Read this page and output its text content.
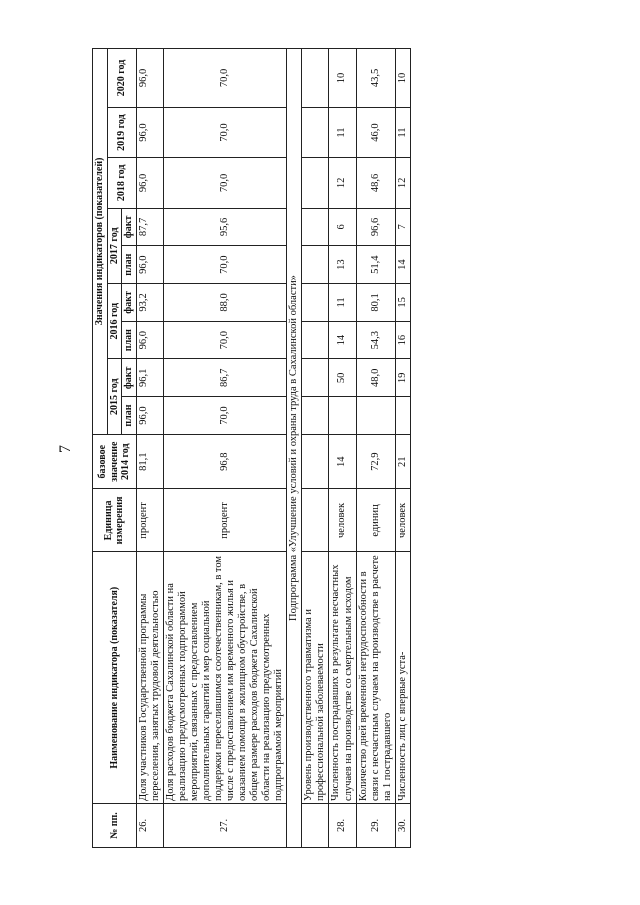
7
№ пп.	Наименование индикатора (показателя)	Единица измерения	базовое значение 2014 год	Значения индикаторов (показателей)								
				2015 год		2016 год		2017 год		2018 год	2019 год	2020 год
				план	факт	план	факт	план	факт			
26.	Доля участников Государственной программы переселения, занятых трудовой деятельностью	процент	81,1	96,0	96,1	96,0	93,2	96,0	87,7	96,0	96,0	96,0
27.	Доля расходов бюджета Сахалинской области на реализацию предусмотренных подпрограммой мероприятий, связанных с предоставлением дополнительных гарантий и мер социальной поддержки переселившимся соотечественникам, в том числе с предоставлением им временного жилья и оказанием помощи в жилищном обустройстве, в общем размере расходов бюджета Сахалинской области на реализацию предусмотренных подпрограммой мероприятий	процент	96,8	70,0	86,7	70,0	88,0	70,0	95,6	70,0	70,0	70,0
Подпрограмма «Улучшение условий и охраны труда в Сахалинской области»												
	Уровень производственного травматизма и профессиональной заболеваемости											
28.	Численность пострадавших в результате несчастных случаев на производстве со смертельным исходом	человек	14		50	14	11	13	6	12	11	10
29.	Количество дней временной нетрудоспособности в связи с несчастным случаем на производстве в расчете на 1 пострадавшего	единиц	72,9		48,0	54,3	80,1	51,4	96,6	48,6	46,0	43,5
30.	Численность лиц с впервые уста-	человек	21		19	16	15	14	7	12	11	10
